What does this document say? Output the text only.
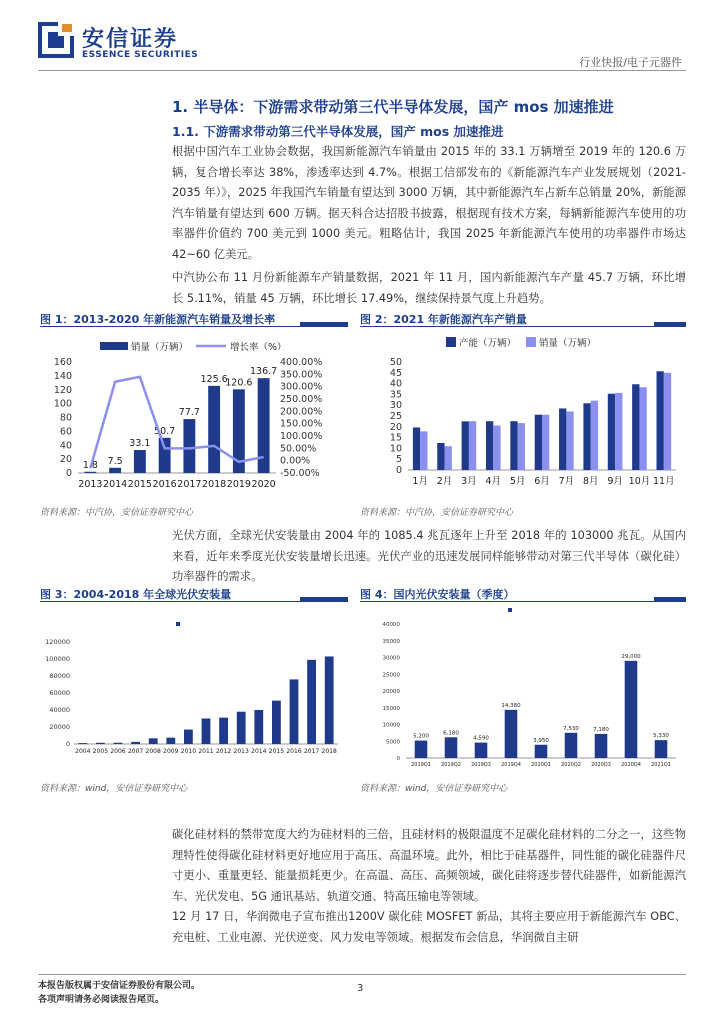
安信证券
ESSENCE SECURITIES
行业快报/电子元器件
1. 半导体：下游需求带动第三代半导体发展，国产 mos 加速推进
1.1. 下游需求带动第三代半导体发展，国产 mos 加速推进
根据中国汽车工业协会数据，我国新能源汽车销量由 2015 年的 33.1 万辆增至 2019 年的 120.6 万辆，复合增长率达 38%，渗透率达到 4.7%。根据工信部发布的《新能源汽车产业发展规划（2021-2035 年）》，2025 年我国汽车销量有望达到 3000 万辆，其中新能源汽车占新车总销量 20%，新能源汽车销量有望达到 600 万辆。据天科合达招股书披露，根据现有技术方案，每辆新能源汽车使用的功率器件价值约 700 美元到 1000 美元。粗略估计，我国 2025 年新能源汽车使用的功率器件市场达 42~60 亿美元。
中汽协公布 11 月份新能源车产销量数据，2021 年 11 月，国内新能源汽车产量 45.7 万辆，环比增长 5.11%，销量 45 万辆，环比增长 17.49%，继续保持景气度上升趋势。
图 1：2013-2020 年新能源汽车销量及增长率
0
20
40
60
80
100
120
140
160
-50.00%
0.00%
50.00%
100.00%
150.00%
200.00%
250.00%
300.00%
350.00%
400.00%
1.8
2013
7.5
2014
33.1
2015
50.7
2016
77.7
2017
125.6
2018
120.6
2019
136.7
2020
销量（万辆）	增长率（%）
资料来源：中汽协，安信证券研究中心
图 2：2021 年新能源汽车产销量
0
5
10
15
20
25
30
35
40
45
50
1月 2月 3月 4月 5月 6月 7月 8月 9月 10月 11月
产能（万辆） 销量（万辆）
资料来源：中汽协，安信证券研究中心
光伏方面，全球光伏安装量由 2004 年的 1085.4 兆瓦逐年上升至 2018 年的 103000 兆瓦。从国内来看，近年来季度光伏安装量增长迅速。光伏产业的迅速发展同样能够带动对第三代半导体（碳化硅）功率器件的需求。
图 3：2004-2018 年全球光伏安装量
0
20000
40000
60000
80000
100000
120000
2004 2005 2006 2007 2008 2009 2010 2011 2012 2013 2014 2015 2016 2017 2018
资料来源：wind，安信证券研究中心
图 4：国内光伏安装量（季度）
0
5000
10000
15000
20000
25000
30000
35000
40000
5,200
2019Q1
6,180
2019Q2
4,590
2019Q3
14,380
2019Q4
3,950
2020Q1
7,530
2020Q2
7,180
2020Q3
29,000
2020Q4
5,330
2021Q1
资料来源：wind，安信证券研究中心
碳化硅材料的禁带宽度大约为硅材料的三倍，且硅材料的极限温度不足碳化硅材料的二分之一，这些物理特性使得碳化硅材料更好地应用于高压、高温环境。此外，相比于硅基器件，同性能的碳化硅器件尺寸更小、重量更轻、能量损耗更少。在高温、高压、高频领域，碳化硅将逐步替代硅器件，如新能源汽车、光伏发电、5G 通讯基站、轨道交通、特高压输电等领域。
12 月 17 日，华润微电子宣布推出1200V 碳化硅 MOSFET 新品，其将主要应用于新能源汽车 OBC、充电桩、工业电源、光伏逆变、风力发电等领域。根据发布会信息，华润微自主研
本报告版权属于安信证券股份有限公司。
各项声明请务必阅读报告尾页。
3
